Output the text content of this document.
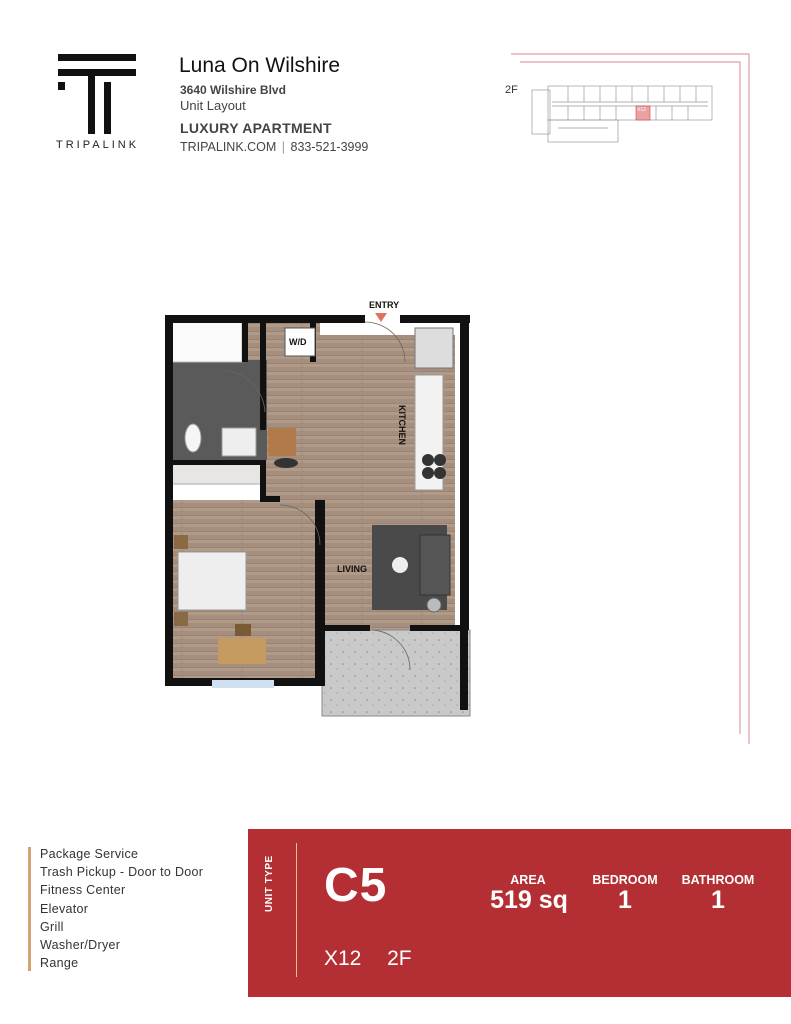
TRIPALINK
Luna On Wilshire
3640 Wilshire Blvd
Unit Layout
LUXURY APARTMENT
TRIPALINK.COM | 833-521-3999
2F
X12
ENTRY
W/D
KITCHEN
LIVING
Package Service
Trash Pickup - Door to Door
Fitness Center
Elevator
Grill
Washer/Dryer
Range
UNIT TYPE C5
X12 2F
AREA
519 sq
BEDROOM
1
BATHROOM
1
